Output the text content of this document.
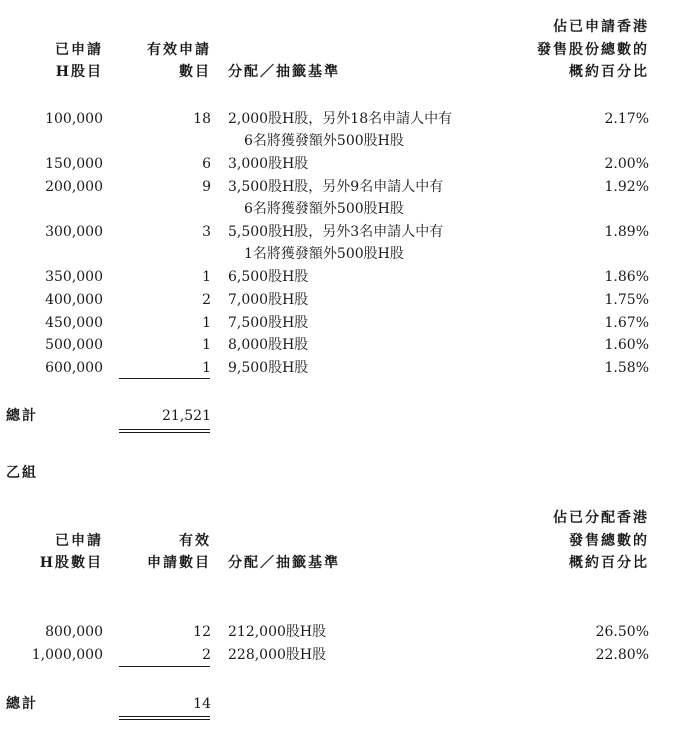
已申請
H股目
有效申請
數目 分配／抽籤基準
佔已申請香港
發售股份總數的
概約百分比
100,000	18 2,000股H股，另外18名申請人中有
6名將獲發額外500股H股
2.17%
150,000	6 3,000股H股	2.00%
200,000	9 3,500股H股，另外9名申請人中有
6名將獲發額外500股H股
1.92%
300,000	3 5,500股H股，另外3名申請人中有
1名將獲發額外500股H股
1.89%
350,000	1 6,500股H股	1.86%
400,000	2 7,000股H股	1.75%
450,000	1 7,500股H股	1.67%
500,000	1 8,000股H股	1.60%
600,000	1 9,500股H股	1.58%
總計	21,521
乙組
已申請
H股數目
有效
申請數目 分配／抽籤基準
佔已分配香港
發售總數的
概約百分比
800,000	12 212,000股H股	26.50%
1,000,000	2 228,000股H股	22.80%
總計	14
